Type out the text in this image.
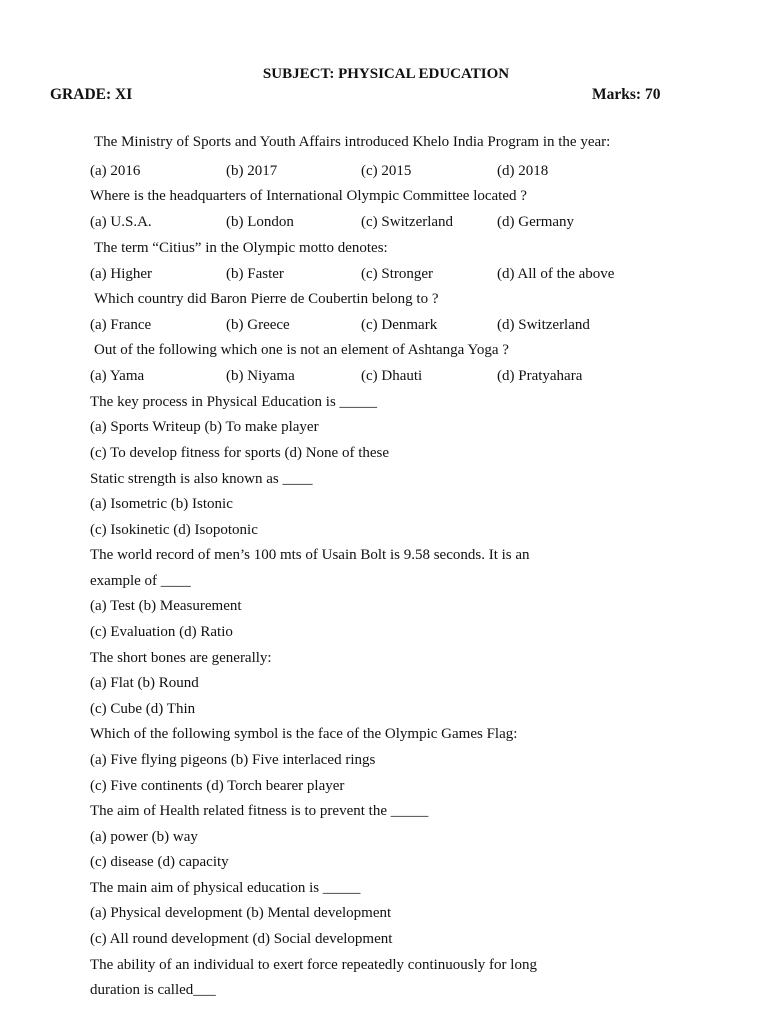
SUBJECT: PHYSICAL EDUCATION
GRADE: XI	Marks: 70
The Ministry of Sports and Youth Affairs introduced Khelo India Program in the year:
(a) 2016	(b) 2017	(c) 2015	(d) 2018
Where is the headquarters of International Olympic Committee located ?
(a) U.S.A.	(b) London	(c) Switzerland	(d) Germany
The term “Citius” in the Olympic motto denotes:
(a) Higher	(b) Faster	(c) Stronger	(d) All of the above
Which country did Baron Pierre de Coubertin belong to ?
(a) France	(b) Greece	(c) Denmark	(d) Switzerland
Out of the following which one is not an element of Ashtanga Yoga ?
(a) Yama	(b) Niyama	(c) Dhauti	(d) Pratyahara
The key process in Physical Education is _____
(a) Sports Writeup (b) To make player
(c) To develop fitness for sports (d) None of these
Static strength is also known as ____
(a) Isometric (b) Istonic
(c) Isokinetic (d) Isopotonic
The world record of men’s 100 mts of Usain Bolt is 9.58 seconds. It is an
example of ____
(a) Test (b) Measurement
(c) Evaluation (d) Ratio
The short bones are generally:
(a) Flat (b) Round
(c) Cube (d) Thin
Which of the following symbol is the face of the Olympic Games Flag:
(a) Five flying pigeons (b) Five interlaced rings
(c) Five continents (d) Torch bearer player
The aim of Health related fitness is to prevent the _____
(a) power (b) way
(c) disease (d) capacity
The main aim of physical education is _____
(a) Physical development (b) Mental development
(c) All round development (d) Social development
The ability of an individual to exert force repeatedly continuously for long
duration is called___
